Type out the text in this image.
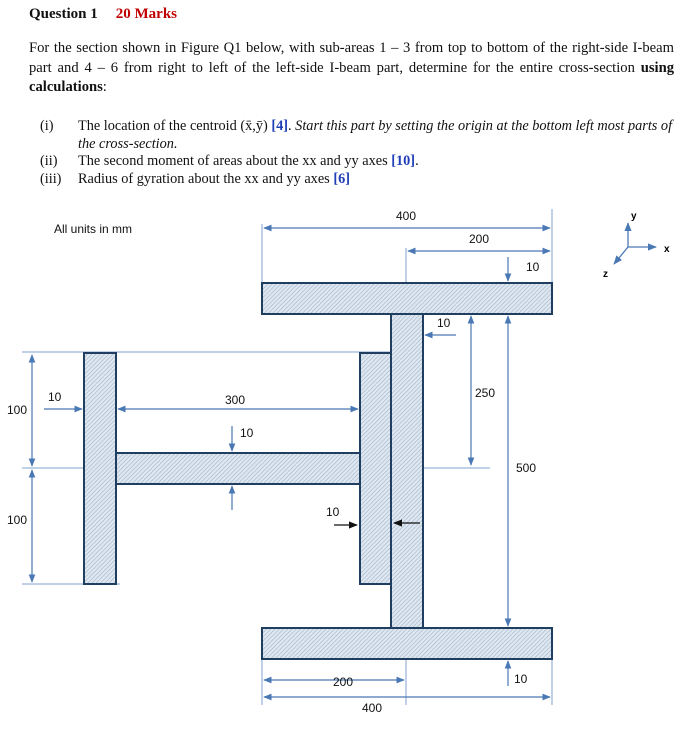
Question 1 20 Marks
For the section shown in Figure Q1 below, with sub-areas 1 – 3 from top to bottom of the right-side I-beam part and 4 – 6 from right to left of the left-side I-beam part, determine for the entire cross-section using calculations:
(i) The location of the centroid (x̄,ȳ) [4]. Start this part by setting the origin at the bottom left most parts of the cross-section.
(ii) The second moment of areas about the xx and yy axes [10].
(iii) Radius of gyration about the xx and yy axes [6]
All units in mm
y
x
z
400
200
10
10
250
500
10	300
10
100
100
10
200
400
10
